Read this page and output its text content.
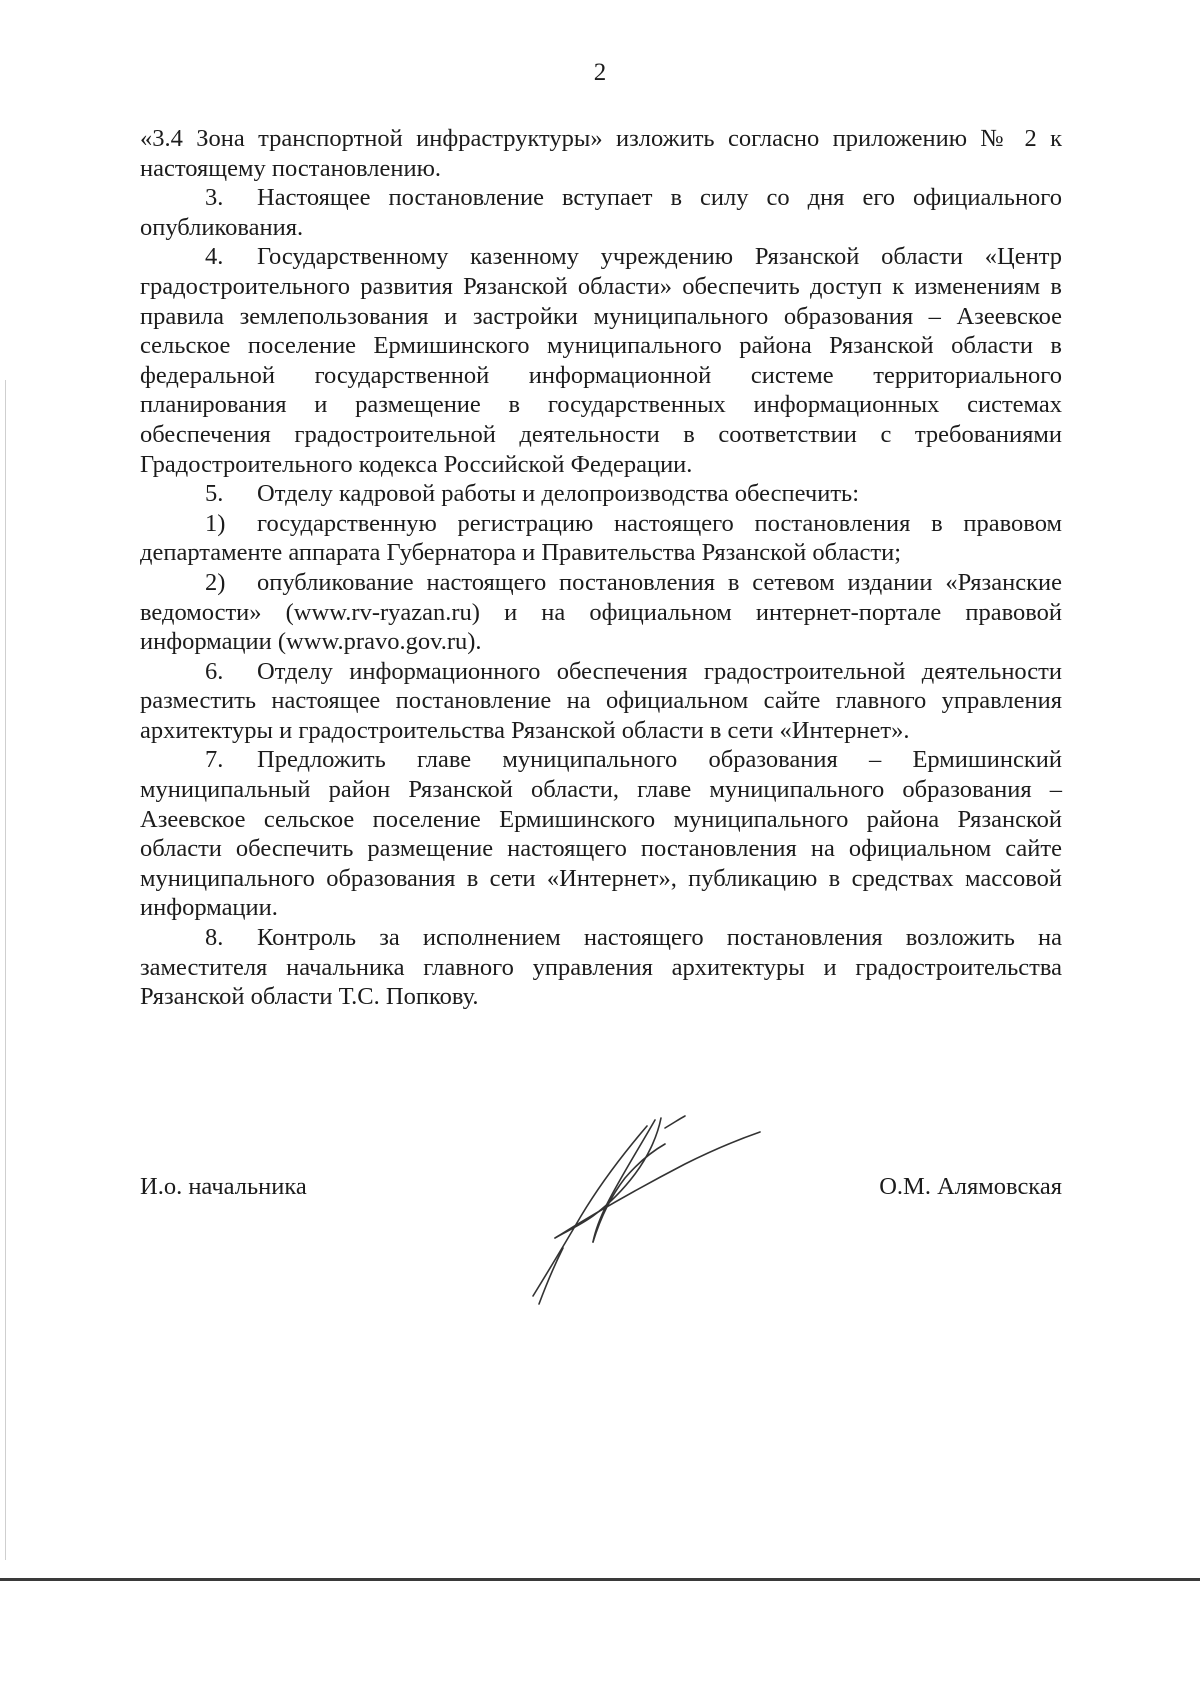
2

«3.4 Зона транспортной инфраструктуры» изложить согласно приложению № 2 к настоящему постановлению.

3. Настоящее постановление вступает в силу со дня его официального опубликования.

4. Государственному казенному учреждению Рязанской области «Центр градостроительного развития Рязанской области» обеспечить доступ к изменениям в правила землепользования и застройки муниципального образования – Азеевское сельское поселение Ермишинского муниципального района Рязанской области в федеральной государственной информационной системе территориального планирования и размещение в государственных информационных системах обеспечения градостроительной деятельности в соответствии с требованиями Градостроительного кодекса Российской Федерации.

5. Отделу кадровой работы и делопроизводства обеспечить:

1) государственную регистрацию настоящего постановления в правовом департаменте аппарата Губернатора и Правительства Рязанской области;

2) опубликование настоящего постановления в сетевом издании «Рязанские ведомости» (www.rv-ryazan.ru) и на официальном интернет-портале правовой информации (www.pravo.gov.ru).

6. Отделу информационного обеспечения градостроительной деятельности разместить настоящее постановление на официальном сайте главного управления архитектуры и градостроительства Рязанской области в сети «Интернет».

7. Предложить главе муниципального образования – Ермишинский муниципальный район Рязанской области, главе муниципального образования – Азеевское сельское поселение Ермишинского муниципального района Рязанской области обеспечить размещение настоящего постановления на официальном сайте муниципального образования в сети «Интернет», публикацию в средствах массовой информации.

8. Контроль за исполнением настоящего постановления возложить на заместителя начальника главного управления архитектуры и градостроительства Рязанской области Т.С. Попкову.

И.о. начальника	О.М. Алямовская
